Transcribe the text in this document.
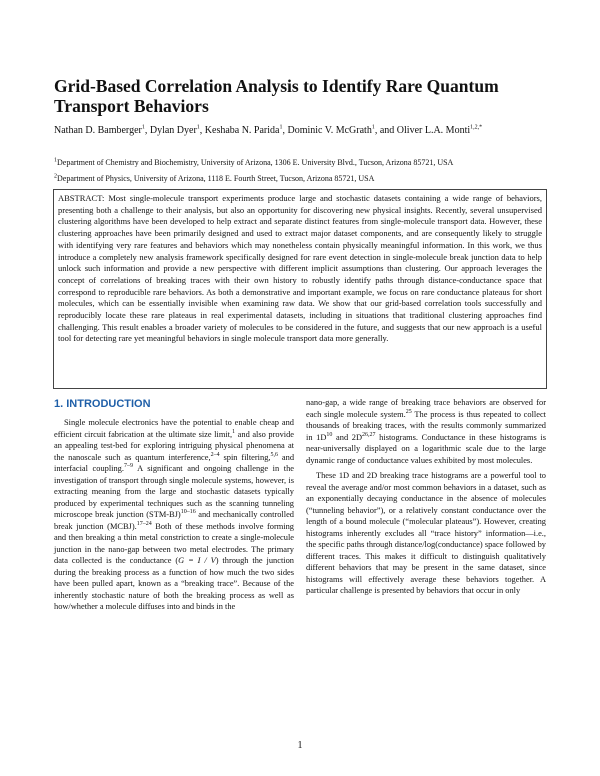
Grid-Based Correlation Analysis to Identify Rare Quantum Transport Behaviors
Nathan D. Bamberger$^1$, Dylan Dyer$^1$, Keshaba N. Parida$^1$, Dominic V. McGrath$^1$, and Oliver L.A. Monti$^{1,2,*}$
$^1$Department of Chemistry and Biochemistry, University of Arizona, 1306 E. University Blvd., Tucson, Arizona 85721, USA
$^2$Department of Physics, University of Arizona, 1118 E. Fourth Street, Tucson, Arizona 85721, USA

ABSTRACT: Most single-molecule transport experiments produce large and stochastic datasets containing a wide range of behaviors, presenting both a challenge to their analysis, but also an opportunity for discovering new physical insights. Recently, several unsupervised clustering algorithms have been developed to help extract and separate distinct features from single-molecule transport data. However, these clustering approaches have been primarily designed and used to extract major dataset components, and are consequently likely to struggle with identifying very rare features and behaviors which may nonetheless contain physically meaningful information. In this work, we thus introduce a completely new analysis framework specifically designed for rare event detection in single-molecule break junction data to help unlock such information and provide a new perspective with different implicit assumptions than clustering. Our approach leverages the concept of correlations of breaking traces with their own history to robustly identify paths through distance-conductance space that correspond to reproducible rare behaviors. As both a demonstrative and important example, we focus on rare conductance plateaus for short molecules, which can be essentially invisible when examining raw data. We show that our grid-based correlation tools successfully and reproducibly locate these rare plateaus in real experimental datasets, including in situations that traditional clustering approaches find challenging. This result enables a broader variety of molecules to be considered in the future, and suggests that our new approach is a useful tool for detecting rare yet meaningful behaviors in single molecule transport data more generally.

1. INTRODUCTION

Single molecule electronics have the potential to enable cheap and efficient circuit fabrication at the ultimate size limit,$^1$ and also provide an appealing test-bed for exploring intriguing physical phenomena at the nanoscale such as quantum interference,$^{2-4}$ spin filtering,$^{5,6}$ and interfacial coupling.$^{7-9}$ A significant and ongoing challenge in the investigation of transport through single molecule systems, however, is extracting meaning from the large and stochastic datasets typically produced by experimental techniques such as the scanning tunneling microscope break junction $(STM-BJ)^{10-16}$ and mechanically controlled break junction (MCBJ).$^{17-24}$ Both of these methods involve forming and then breaking a thin metal constriction to create a single-molecule junction in the nano-gap between two metal electrodes. The primary data collected is the conductance (G = I / V) through the junction during the breaking process as a function of how much the two sides have been pulled apart, known as a “breaking trace”. Because of the inherently stochastic nature of both the breaking process as well as how/whether a molecule diffuses into and binds in the

nano-gap, a wide range of breaking trace behaviors are observed for each single molecule system.$^{25}$ The process is thus repeated to collect thousands of breaking traces, with the results commonly summarized in $1D^{10}$ and $2D^{26,27}$ histograms. Conductance in these histograms is near-universally displayed on a logarithmic scale due to the large dynamic range of conductance values exhibited by most molecules.

These 1D and 2D breaking trace histograms are a powerful tool to reveal the average and/or most common behaviors in a dataset, such as an exponentially decaying conductance in the absence of molecules (“tunneling behavior”), or a relatively constant conductance over the length of a bound molecule (“molecular plateaus”). However, creating histograms inherently excludes all “trace history” information—i.e., the specific paths through distance/log(conductance) space followed by different traces. This makes it difficult to distinguish qualitatively different behaviors that may be present in the same dataset, since histograms will effectively average these behaviors together. A particular challenge is presented by behaviors that occur in only

1
